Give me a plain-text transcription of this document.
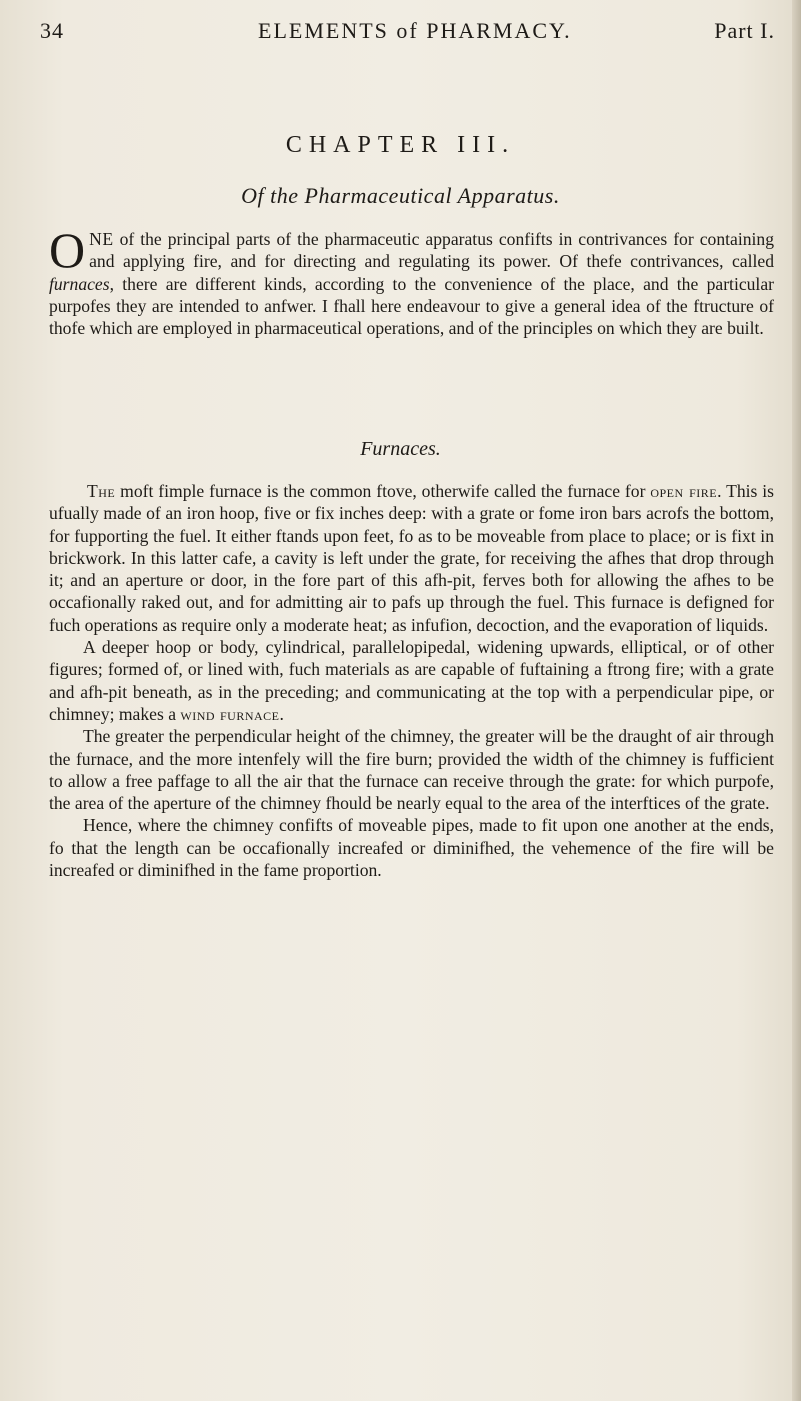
34	ELEMENTS of PHARMACY.	Part I.
CHAPTER III.
Of the Pharmaceutical Apparatus.

ONE of the principal parts of the pharmaceutic apparatus confifts in contrivances for containing and applying fire, and for directing and regulating its power. Of thefe contrivances, called furnaces, there are different kinds, according to the convenience of the place, and the particular purpofes they are intended to anfwer. I fhall here endeavour to give a general idea of the ftructure of thofe which are employed in pharmaceutical operations, and of the principles on which they are built.

Furnaces.

The moft fimple furnace is the common ftove, otherwife called the furnace for open fire. This is ufually made of an iron hoop, five or fix inches deep: with a grate or fome iron bars acrofs the bottom, for fupporting the fuel. It either ftands upon feet, fo as to be moveable from place to place; or is fixt in brickwork. In this latter cafe, a cavity is left under the grate, for receiving the afhes that drop through it; and an aperture or door, in the fore part of this afh-pit, ferves both for allowing the afhes to be occafionally raked out, and for admitting air to pafs up through the fuel. This furnace is defigned for fuch operations as require only a moderate heat; as infufion, decoction, and the evaporation of liquids.

A deeper hoop or body, cylindrical, parallelopipedal, widening upwards, elliptical, or of other figures; formed of, or lined with, fuch materials as are capable of fuftaining a ftrong fire; with a grate and afh-pit beneath, as in the preceding; and communicating at the top with a perpendicular pipe, or chimney; makes a wind furnace.

The greater the perpendicular height of the chimney, the greater will be the draught of air through the furnace, and the more intenfely will the fire burn; provided the width of the chimney is fufficient to allow a free paffage to all the air that the furnace can receive through the grate: for which purpofe, the area of the aperture of the chimney fhould be nearly equal to the area of the interftices of the grate.

Hence, where the chimney confifts of moveable pipes, made to fit upon one another at the ends, fo that the length can be occafionally increafed or diminifhed, the vehemence of the fire will be increafed or diminifhed in the fame proportion.
